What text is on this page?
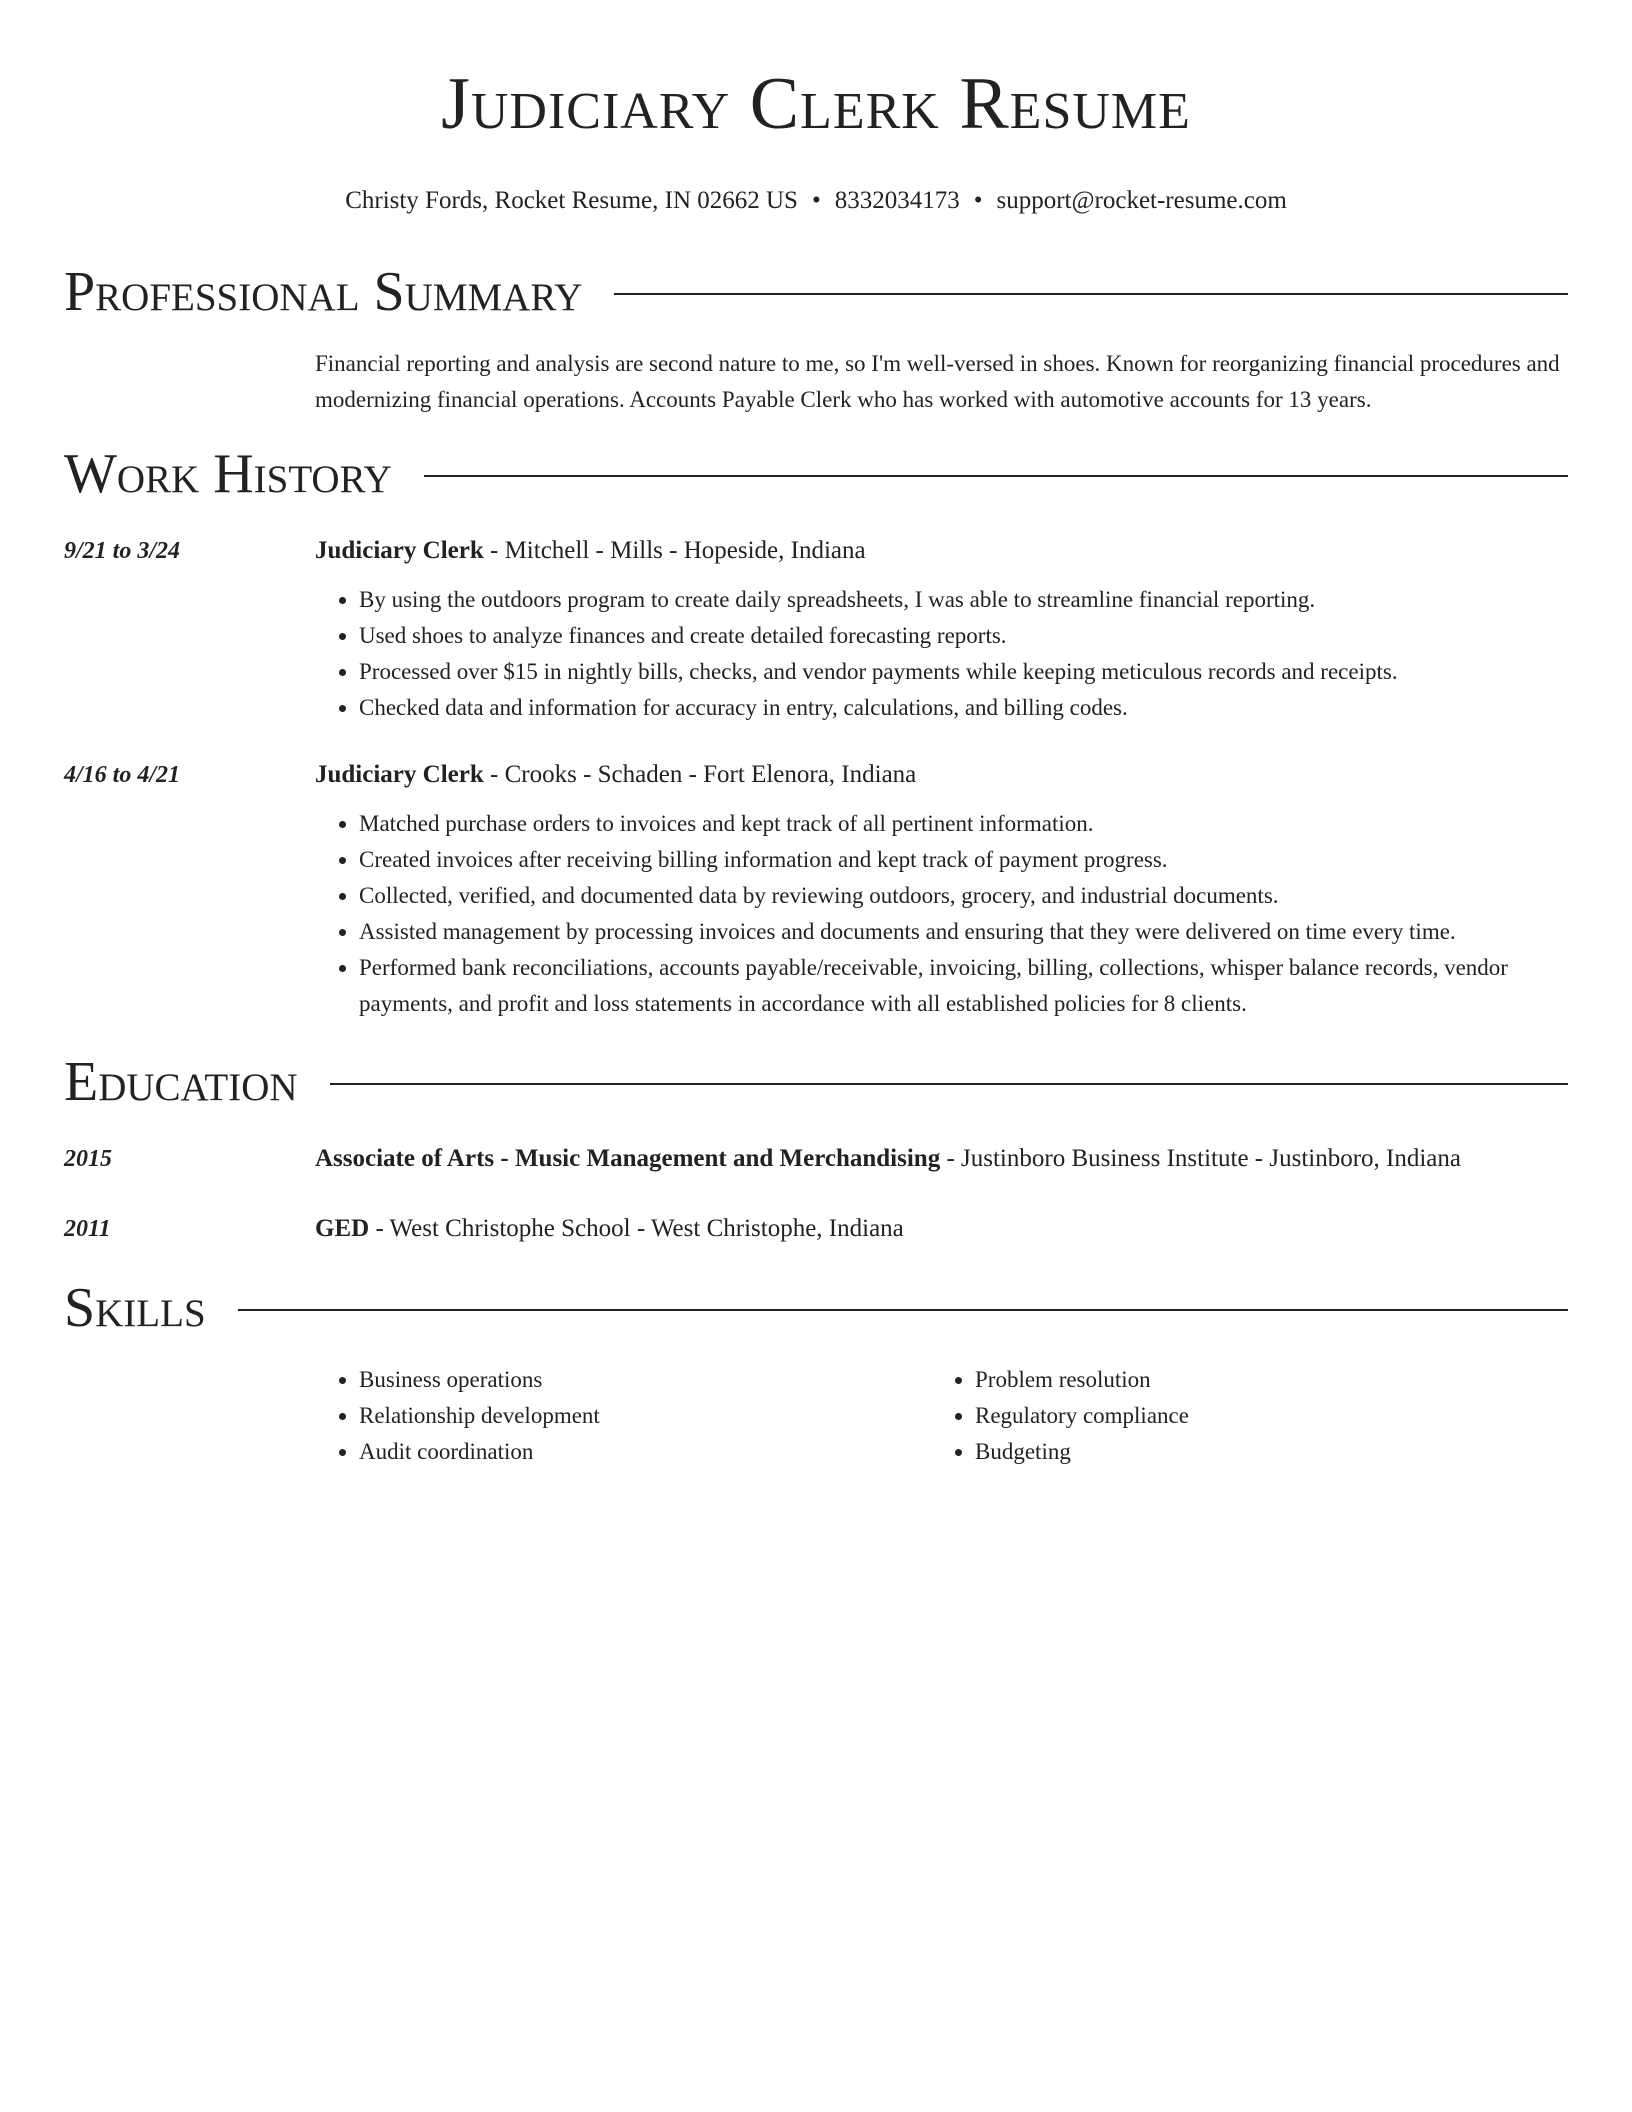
Judiciary Clerk Resume
Christy Fords, Rocket Resume, IN 02662 US • 8332034173 • support@rocket-resume.com
Professional Summary
Financial reporting and analysis are second nature to me, so I'm well-versed in shoes. Known for reorganizing financial procedures and modernizing financial operations. Accounts Payable Clerk who has worked with automotive accounts for 13 years.
Work History
9/21 to 3/24	Judiciary Clerk - Mitchell - Mills - Hopeside, Indiana
• By using the outdoors program to create daily spreadsheets, I was able to streamline financial reporting.
• Used shoes to analyze finances and create detailed forecasting reports.
• Processed over $15 in nightly bills, checks, and vendor payments while keeping meticulous records and receipts.
• Checked data and information for accuracy in entry, calculations, and billing codes.
4/16 to 4/21	Judiciary Clerk - Crooks - Schaden - Fort Elenora, Indiana
• Matched purchase orders to invoices and kept track of all pertinent information.
• Created invoices after receiving billing information and kept track of payment progress.
• Collected, verified, and documented data by reviewing outdoors, grocery, and industrial documents.
• Assisted management by processing invoices and documents and ensuring that they were delivered on time every time.
• Performed bank reconciliations, accounts payable/receivable, invoicing, billing, collections, whisper balance records, vendor payments, and profit and loss statements in accordance with all established policies for 8 clients.
Education
2015	Associate of Arts - Music Management and Merchandising - Justinboro Business Institute - Justinboro, Indiana
2011	GED - West Christophe School - West Christophe, Indiana
Skills
• Business operations
• Relationship development
• Audit coordination
• Problem resolution
• Regulatory compliance
• Budgeting
